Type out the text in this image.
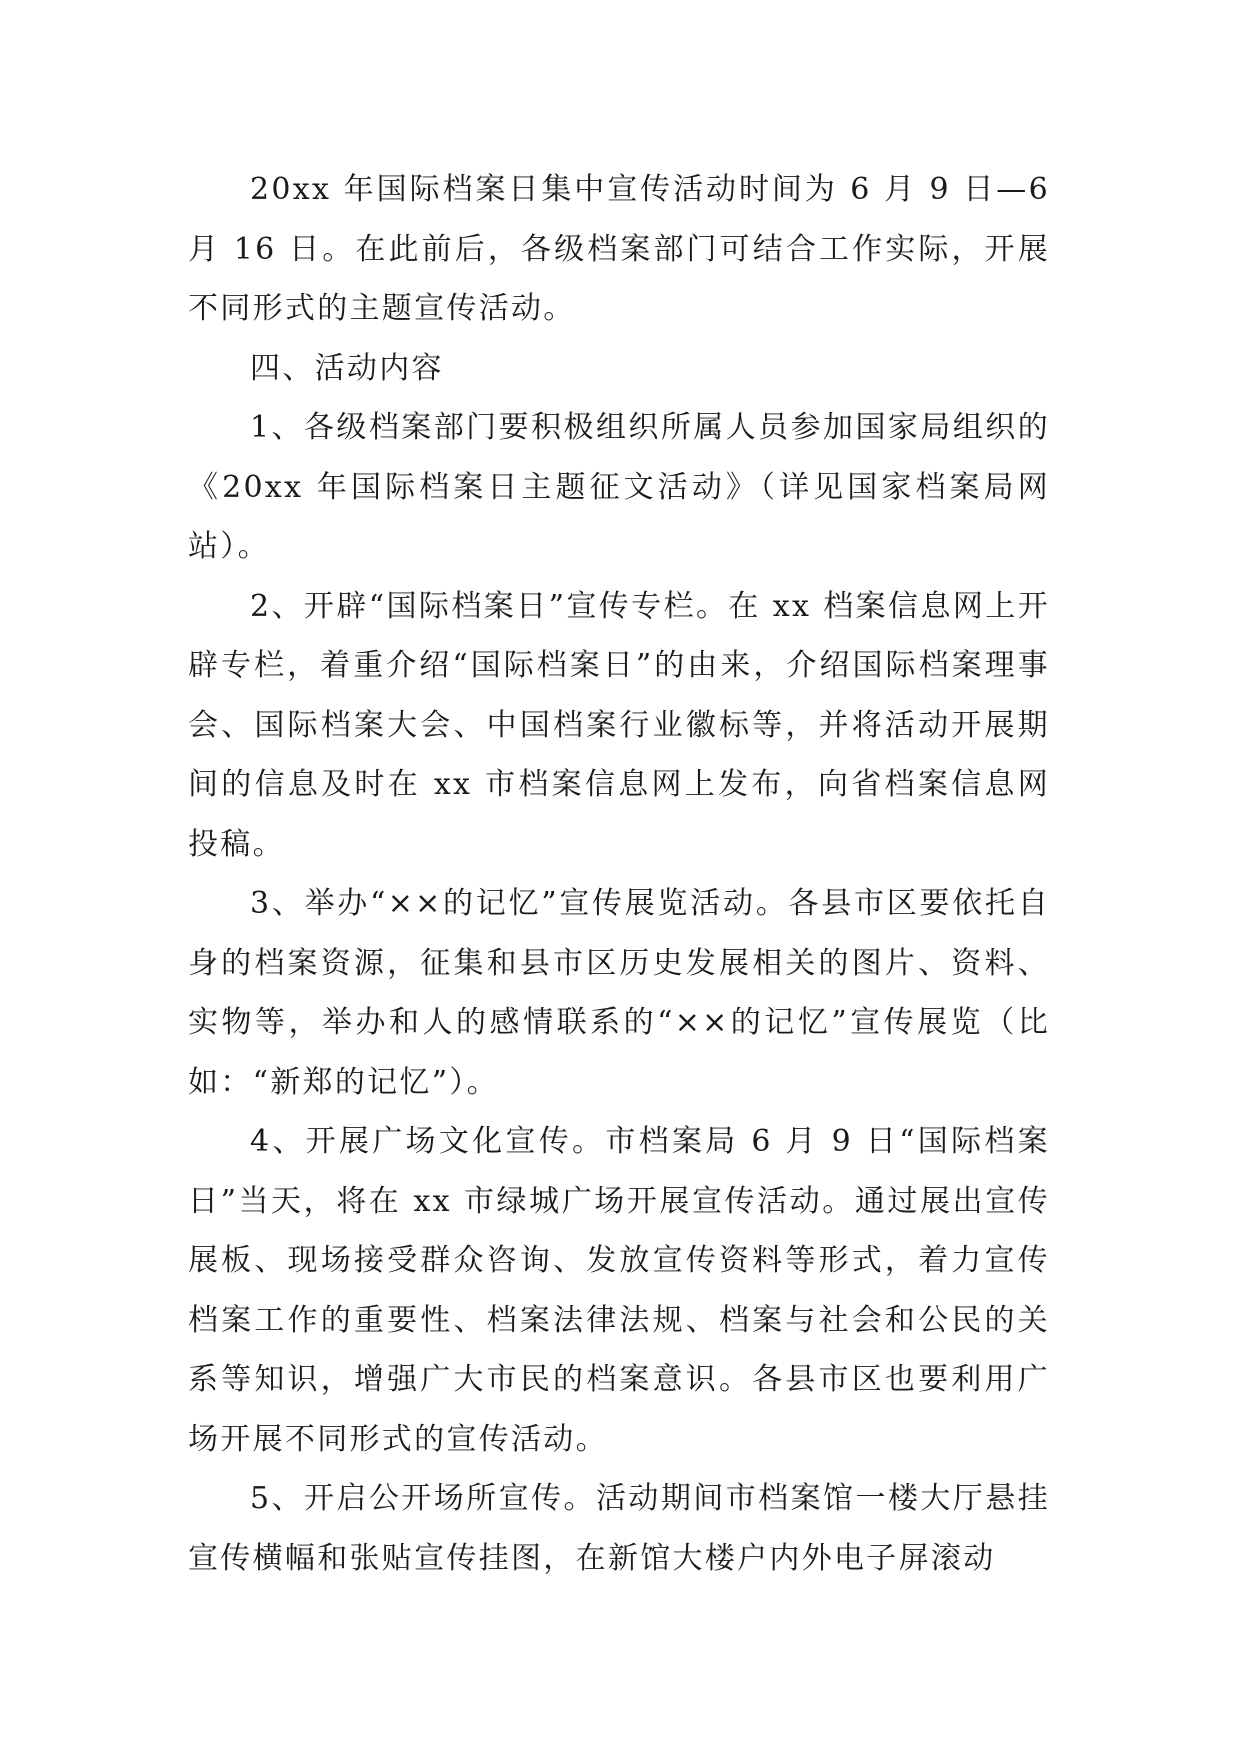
20xx 年国际档案日集中宣传活动时间为 6 月 9 日—6 月 16 日。在此前后，各级档案部门可结合工作实际，开展不同形式的主题宣传活动。

四、活动内容

1、各级档案部门要积极组织所属人员参加国家局组织的《20xx 年国际档案日主题征文活动》（详见国家档案局网站）。

2、开辟“国际档案日”宣传专栏。在 xx 档案信息网上开辟专栏，着重介绍“国际档案日”的由来，介绍国际档案理事会、国际档案大会、中国档案行业徽标等，并将活动开展期间的信息及时在 xx 市档案信息网上发布，向省档案信息网投稿。

3、举办“××的记忆”宣传展览活动。各县市区要依托自身的档案资源，征集和县市区历史发展相关的图片、资料、实物等，举办和人的感情联系的“××的记忆”宣传展览（比如：“新郑的记忆”）。

4、开展广场文化宣传。市档案局 6 月 9 日“国际档案日”当天，将在 xx 市绿城广场开展宣传活动。通过展出宣传展板、现场接受群众咨询、发放宣传资料等形式，着力宣传档案工作的重要性、档案法律法规、档案与社会和公民的关系等知识，增强广大市民的档案意识。各县市区也要利用广场开展不同形式的宣传活动。

5、开启公开场所宣传。活动期间市档案馆一楼大厅悬挂宣传横幅和张贴宣传挂图，在新馆大楼户内外电子屏滚动
